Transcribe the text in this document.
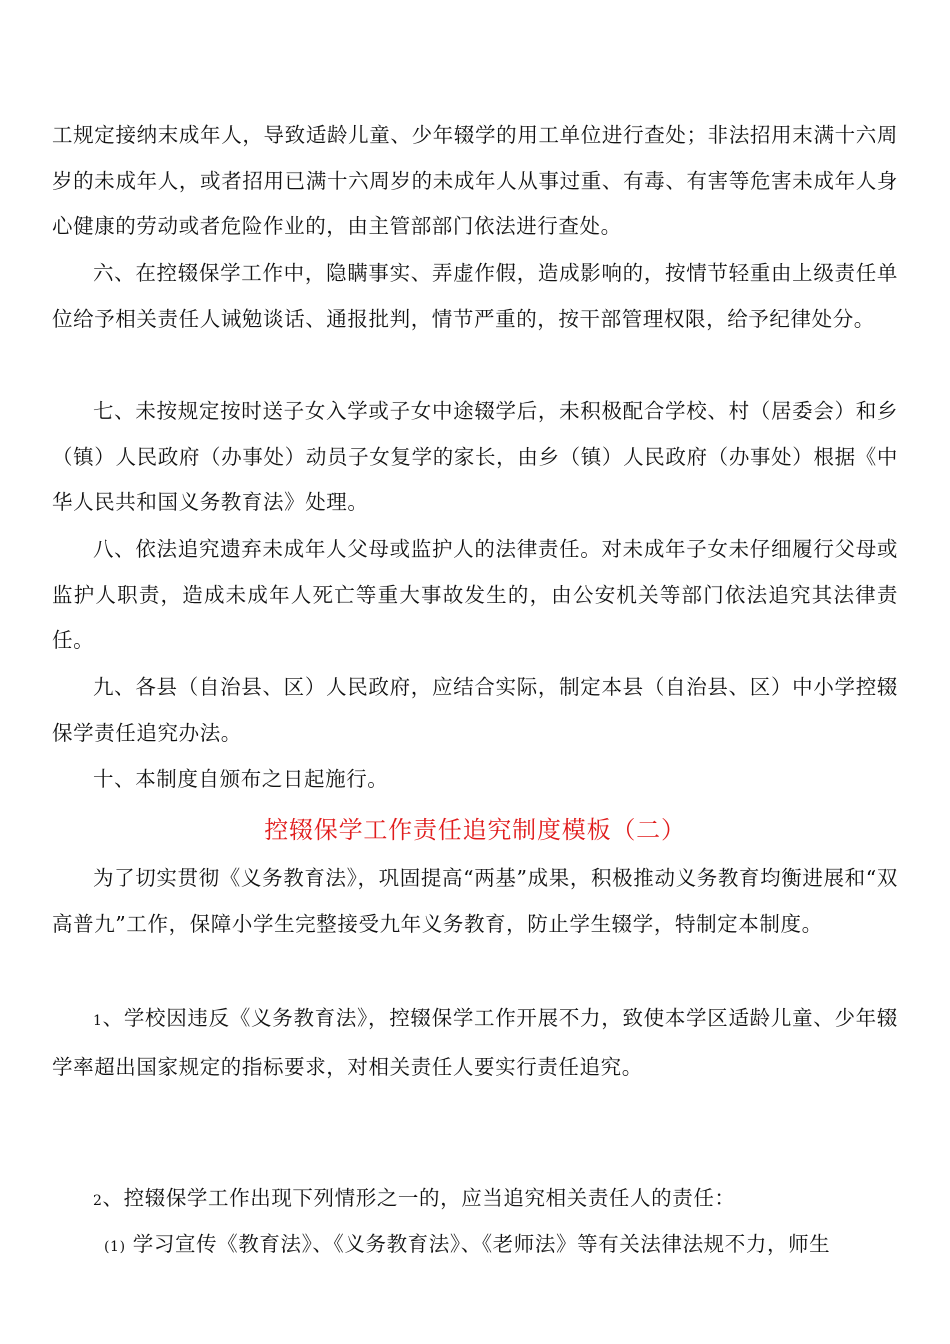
工规定接纳末成年人，导致适龄儿童、少年辍学的用工单位进行查处；非法招用末满十六周岁的未成年人，或者招用已满十六周岁的未成年人从事过重、有毒、有害等危害未成年人身心健康的劳动或者危险作业的，由主管部部门依法进行查处。

六、在控辍保学工作中，隐瞒事实、弄虚作假，造成影响的，按情节轻重由上级责任单位给予相关责任人诫勉谈话、通报批判，情节严重的，按干部管理权限，给予纪律处分。

七、未按规定按时送子女入学或子女中途辍学后，未积极配合学校、村（居委会）和乡（镇）人民政府（办事处）动员子女复学的家长，由乡（镇）人民政府（办事处）根据《中华人民共和国义务教育法》处理。

八、依法追究遗弃未成年人父母或监护人的法律责任。对未成年子女未仔细履行父母或监护人职责，造成未成年人死亡等重大事故发生的，由公安机关等部门依法追究其法律责任。

九、各县（自治县、区）人民政府，应结合实际，制定本县（自治县、区）中小学控辍保学责任追究办法。

十、本制度自颁布之日起施行。

控辍保学工作责任追究制度模板（二）

为了切实贯彻《义务教育法》，巩固提高“两基”成果，积极推动义务教育均衡进展和“双高普九”工作，保障小学生完整接受九年义务教育，防止学生辍学，特制定本制度。

1、学校因违反《义务教育法》，控辍保学工作开展不力，致使本学区适龄儿童、少年辍学率超出国家规定的指标要求，对相关责任人要实行责任追究。

2、控辍保学工作出现下列情形之一的，应当追究相关责任人的责任：

(1) 学习宣传《教育法》、《义务教育法》、《老师法》等有关法律法规不力，师生
